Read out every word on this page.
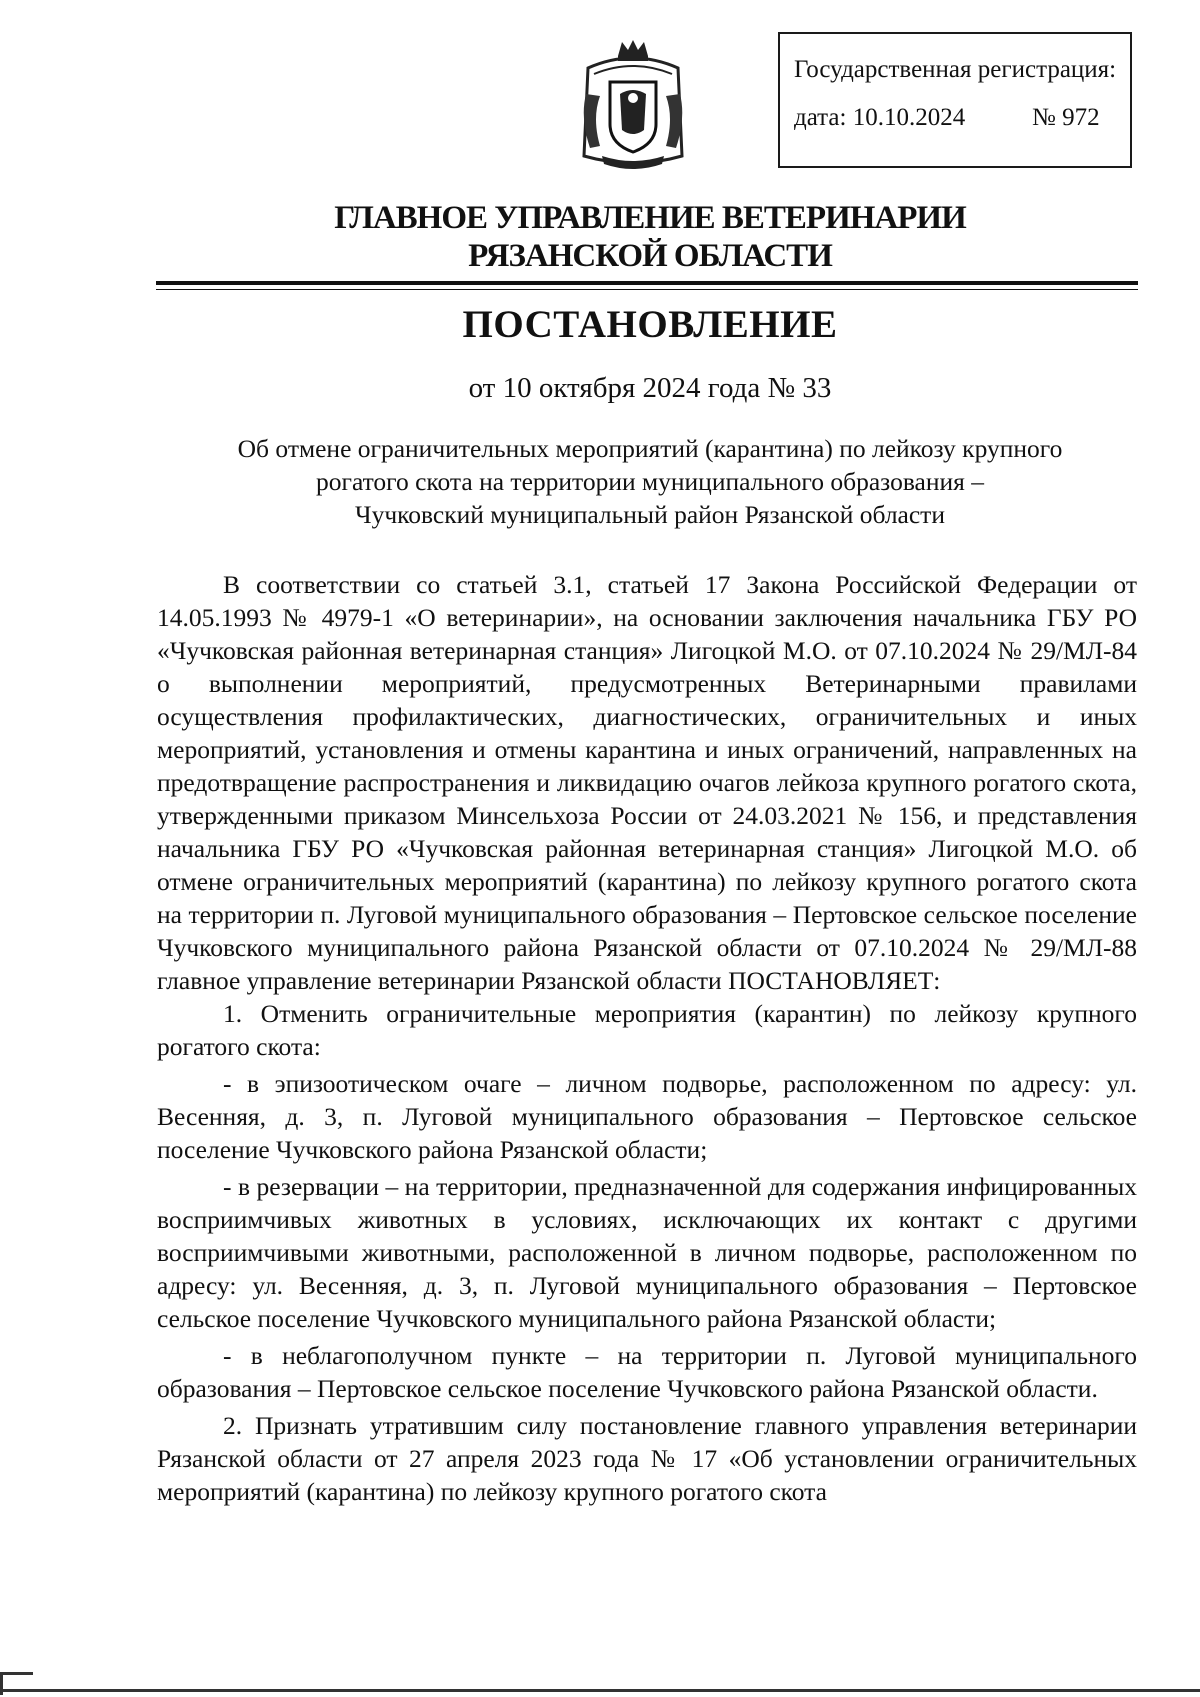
Государственная регистрация:
дата: 10.10.2024	№ 972
ГЛАВНОЕ УПРАВЛЕНИЕ ВЕТЕРИНАРИИ
РЯЗАНСКОЙ ОБЛАСТИ
ПОСТАНОВЛЕНИЕ
от 10 октября 2024 года № 33
Об отмене ограничительных мероприятий (карантина) по лейкозу крупного
рогатого скота на территории муниципального образования –
Чучковский муниципальный район Рязанской области

В соответствии со статьей 3.1, статьей 17 Закона Российской Федерации от 14.05.1993 № 4979-1 «О ветеринарии», на основании заключения начальника ГБУ РО «Чучковская районная ветеринарная станция» Лигоцкой М.О. от 07.10.2024 № 29/МЛ-84 о выполнении мероприятий, предусмотренных Ветеринарными правилами осуществления профилактических, диагностических, ограничительных и иных мероприятий, установления и отмены карантина и иных ограничений, направленных на предотвращение распространения и ликвидацию очагов лейкоза крупного рогатого скота, утвержденными приказом Минсельхоза России от 24.03.2021 № 156, и представления начальника ГБУ РО «Чучковская районная ветеринарная станция» Лигоцкой М.О. об отмене ограничительных мероприятий (карантина) по лейкозу крупного рогатого скота на территории п. Луговой муниципального образования – Пертовское сельское поселение Чучковского муниципального района Рязанской области от 07.10.2024 № 29/МЛ-88 главное управление ветеринарии Рязанской области ПОСТАНОВЛЯЕТ:

1. Отменить ограничительные мероприятия (карантин) по лейкозу крупного рогатого скота:

- в эпизоотическом очаге – личном подворье, расположенном по адресу: ул. Весенняя, д. 3, п. Луговой муниципального образования – Пертовское сельское поселение Чучковского района Рязанской области;

- в резервации – на территории, предназначенной для содержания инфицированных восприимчивых животных в условиях, исключающих их контакт с другими восприимчивыми животными, расположенной в личном подворье, расположенном по адресу: ул. Весенняя, д. 3, п. Луговой муниципального образования – Пертовское сельское поселение Чучковского муниципального района Рязанской области;

- в неблагополучном пункте – на территории п. Луговой муниципального образования – Пертовское сельское поселение Чучковского района Рязанской области.

2. Признать утратившим силу постановление главного управления ветеринарии Рязанской области от 27 апреля 2023 года № 17 «Об установлении ограничительных мероприятий (карантина) по лейкозу крупного рогатого скота
